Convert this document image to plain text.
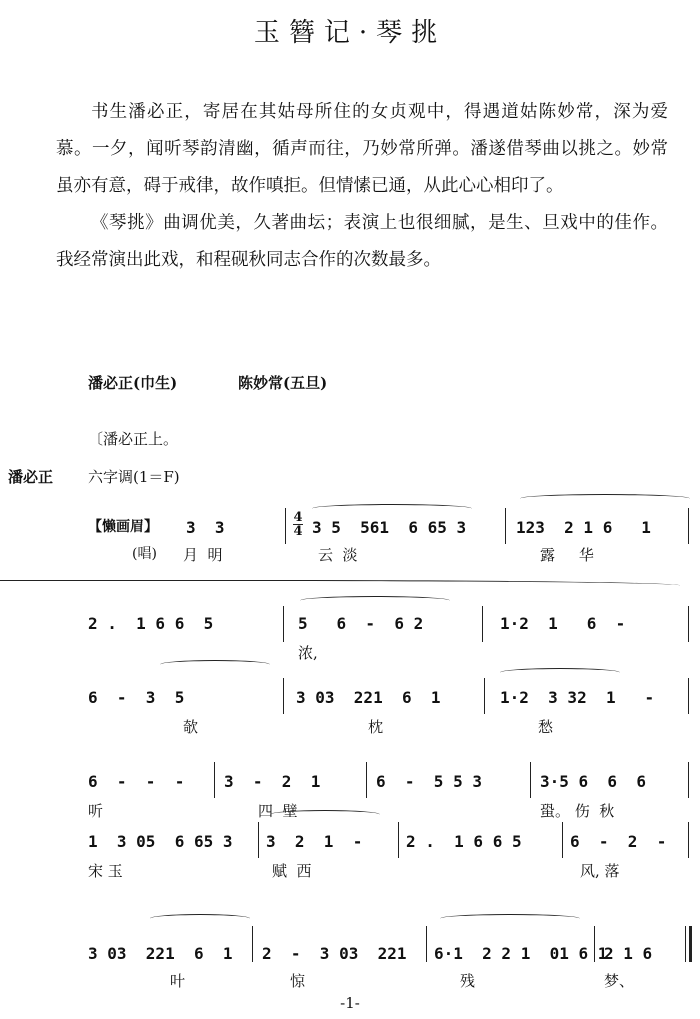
玉簪记·琴挑

书生潘必正，寄居在其姑母所住的女贞观中，得遇道姑陈妙常，深为爱慕。一夕，闻听琴韵清幽，循声而往，乃妙常所弹。潘遂借琴曲以挑之。妙常虽亦有意，碍于戒律，故作嗔拒。但情愫已通，从此心心相印了。

《琴挑》曲调优美，久著曲坛；表演上也很细腻，是生、旦戏中的佳作。我经常演出此戏，和程砚秋同志合作的次数最多。

潘必正(巾生)	陈妙常(五旦)
〔潘必正上。
潘必正 六字调(1＝F)
【懒画眉】
(唱)
4
4
3  3	3 5  561  6 65 3	123  2 1 6   1
月  明	云  淡	露     华
2 .  1 6 6  5	5   6  -  6 2	1·2  1   6  -
浓,
6  -  3  5	3 03  221  6  1	1·2  3 32  1   -
欹	枕	愁
6  -  -  - 3  -  2  1	6  -  5 5 3	3·5 6  6  6
听	四  壁	蛩。 伤  秋
1  3 05  6 65 3 3  2  1  -	2 .  1 6 6 5	6  -  2  -
宋 玉	赋  西	风, 落
3 03  221  6  1 2  -  3 03  221 6·1  2 2 1  01 6 1
2 1 6
叶	惊	残	梦、
-1-
